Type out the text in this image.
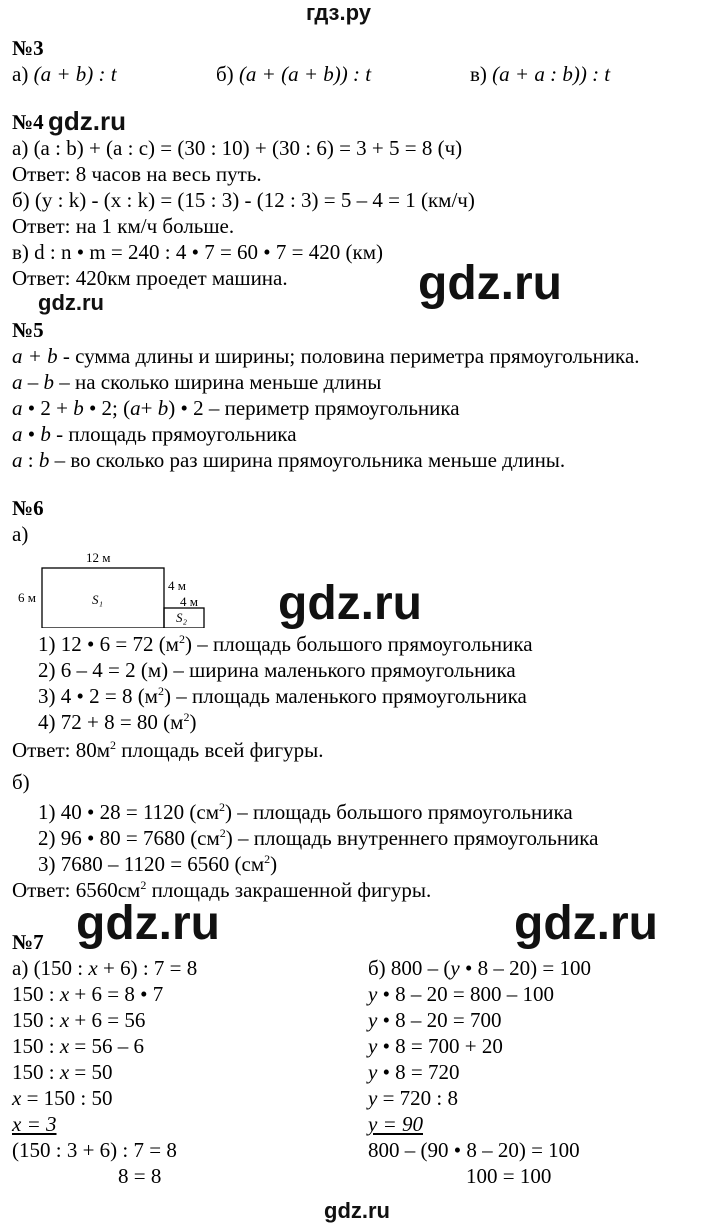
гдз.ру
№3
а) (a + b) : t	б) (a + (a + b)) : t	в) (a + a : b)) : t
№4 gdz.ru
а) (a : b) + (a : c) = (30 : 10) + (30 : 6) = 3 + 5 = 8 (ч)
Ответ: 8 часов на весь путь.
б) (y : k) - (x : k) = (15 : 3) - (12 : 3) = 5 – 4 = 1 (км/ч)
Ответ: на 1 км/ч больше.
в) d : n • m = 240 : 4 • 7 = 60 • 7 = 420 (км)
Ответ: 420км проедет машина.	gdz.ru
gdz.ru
№5
a + b - сумма длины и ширины; половина периметра прямоугольника.
a – b – на сколько ширина меньше длины
a • 2 + b • 2; (a+ b) • 2 – периметр прямоугольника
a • b - площадь прямоугольника
a : b – во сколько раз ширина прямоугольника меньше длины.
№6
а)
12 м
6 м
4 м
4 м
S₁
S₂ gdz.ru
1) 12 • 6 = 72 $(м^2)$ – площадь большого прямоугольника
2) 6 – 4 = 2 (м) – ширина маленького прямоугольника
3) 4 • 2 = 8 $(м^2)$ – площадь маленького прямоугольника
4) 72 + 8 = 80 $(м^2)$
Ответ: $80м^2$ площадь всей фигуры.
б)
1) 40 • 28 = 1120 $(см^2)$ – площадь большого прямоугольника
2) 96 • 80 = 7680 $(см^2)$ – площадь внутреннего прямоугольника
3) 7680 – 1120 = 6560 $(см^2)$
Ответ: $6560см^2$ площадь закрашенной фигуры.
gdz.ru	gdz.ru
№7
а) (150 : x + 6) : 7 = 8
150 : x + 6 = 8 • 7
150 : x + 6 = 56
150 : x = 56 – 6
150 : x = 50
x = 150 : 50
x = 3
(150 : 3 + 6) : 7 = 8
8 = 8
б) 800 – (y • 8 – 20) = 100
y • 8 – 20 = 800 – 100
y • 8 – 20 = 700
y • 8 = 700 + 20
y • 8 = 720
y = 720 : 8
y = 90
800 – (90 • 8 – 20) = 100
100 = 100
gdz.ru
